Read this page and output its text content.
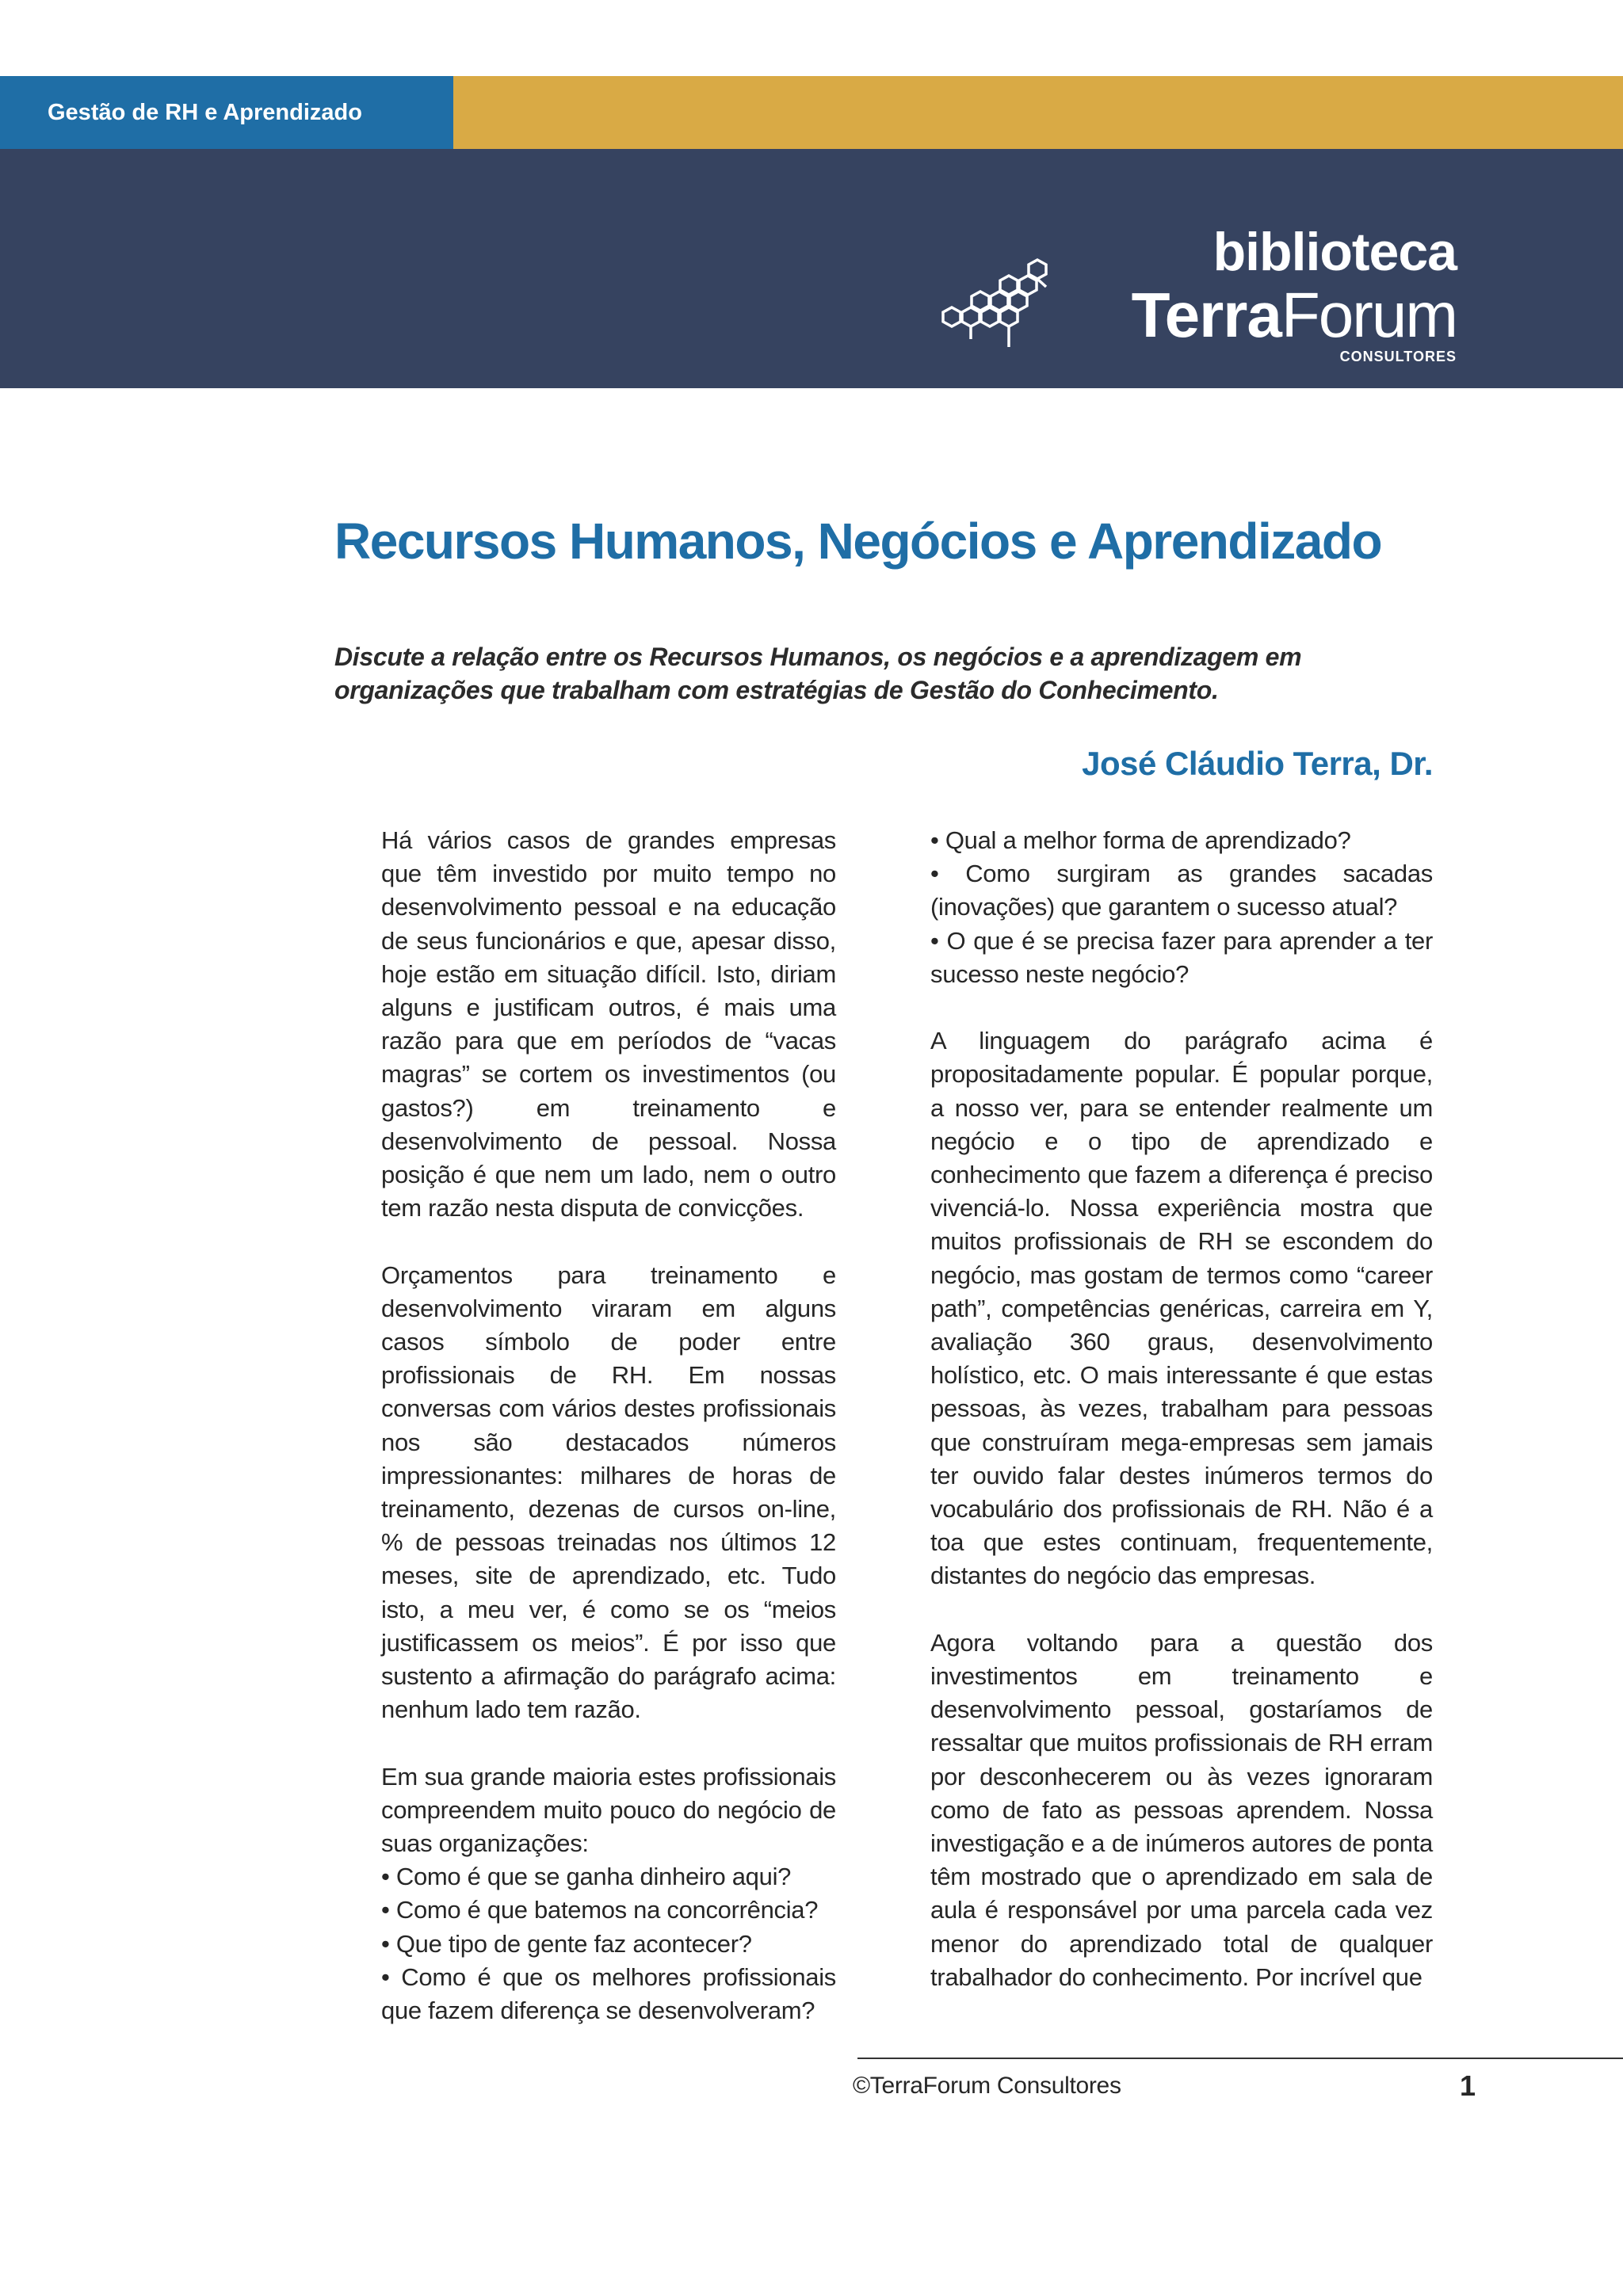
Gestão de RH e Aprendizado
biblioteca
TerraForum
CONSULTORES
Recursos Humanos, Negócios e Aprendizado
Discute a relação entre os Recursos Humanos, os negócios e a aprendizagem em organizações que trabalham com estratégias de Gestão do Conhecimento.
José Cláudio Terra, Dr.

Há vários casos de grandes empresas que têm investido por muito tempo no desenvolvimento pessoal e na educação de seus funcionários e que, apesar disso, hoje estão em situação difícil. Isto, diriam alguns e justificam outros, é mais uma razão para que em períodos de “vacas magras” se cortem os investimentos (ou gastos?) em treinamento e desenvolvimento de pessoal. Nossa posição é que nem um lado, nem o outro tem razão nesta disputa de convicções.

Orçamentos para treinamento e desenvolvimento viraram em alguns casos símbolo de poder entre profissionais de RH. Em nossas conversas com vários destes profissionais nos são destacados números impressionantes: milhares de horas de treinamento, dezenas de cursos on-line, % de pessoas treinadas nos últimos 12 meses, site de aprendizado, etc. Tudo isto, a meu ver, é como se os “meios justificassem os meios”. É por isso que sustento a afirmação do parágrafo acima: nenhum lado tem razão.

Em sua grande maioria estes profissionais compreendem muito pouco do negócio de suas organizações:

• Como é que se ganha dinheiro aqui?
• Como é que batemos na concorrência?
• Que tipo de gente faz acontecer?
• Como é que os melhores profissionais que fazem diferença se desenvolveram?
• Qual a melhor forma de aprendizado?
• Como surgiram as grandes sacadas (inovações) que garantem o sucesso atual?
• O que é se precisa fazer para aprender a ter sucesso neste negócio?

A linguagem do parágrafo acima é propositadamente popular. É popular porque, a nosso ver, para se entender realmente um negócio e o tipo de aprendizado e conhecimento que fazem a diferença é preciso vivenciá-lo. Nossa experiência mostra que muitos profissionais de RH se escondem do negócio, mas gostam de termos como “career path”, competências genéricas, carreira em Y, avaliação 360 graus, desenvolvimento holístico, etc. O mais interessante é que estas pessoas, às vezes, trabalham para pessoas que construíram mega-empresas sem jamais ter ouvido falar destes inúmeros termos do vocabulário dos profissionais de RH. Não é a toa que estes continuam, frequentemente, distantes do negócio das empresas.

Agora voltando para a questão dos investimentos em treinamento e desenvolvimento pessoal, gostaríamos de ressaltar que muitos profissionais de RH erram por desconhecerem ou às vezes ignoraram como de fato as pessoas aprendem. Nossa investigação e a de inúmeros autores de ponta têm mostrado que o aprendizado em sala de aula é responsável por uma parcela cada vez menor do aprendizado total de qualquer trabalhador do conhecimento. Por incrível que

©TerraForum Consultores	1
